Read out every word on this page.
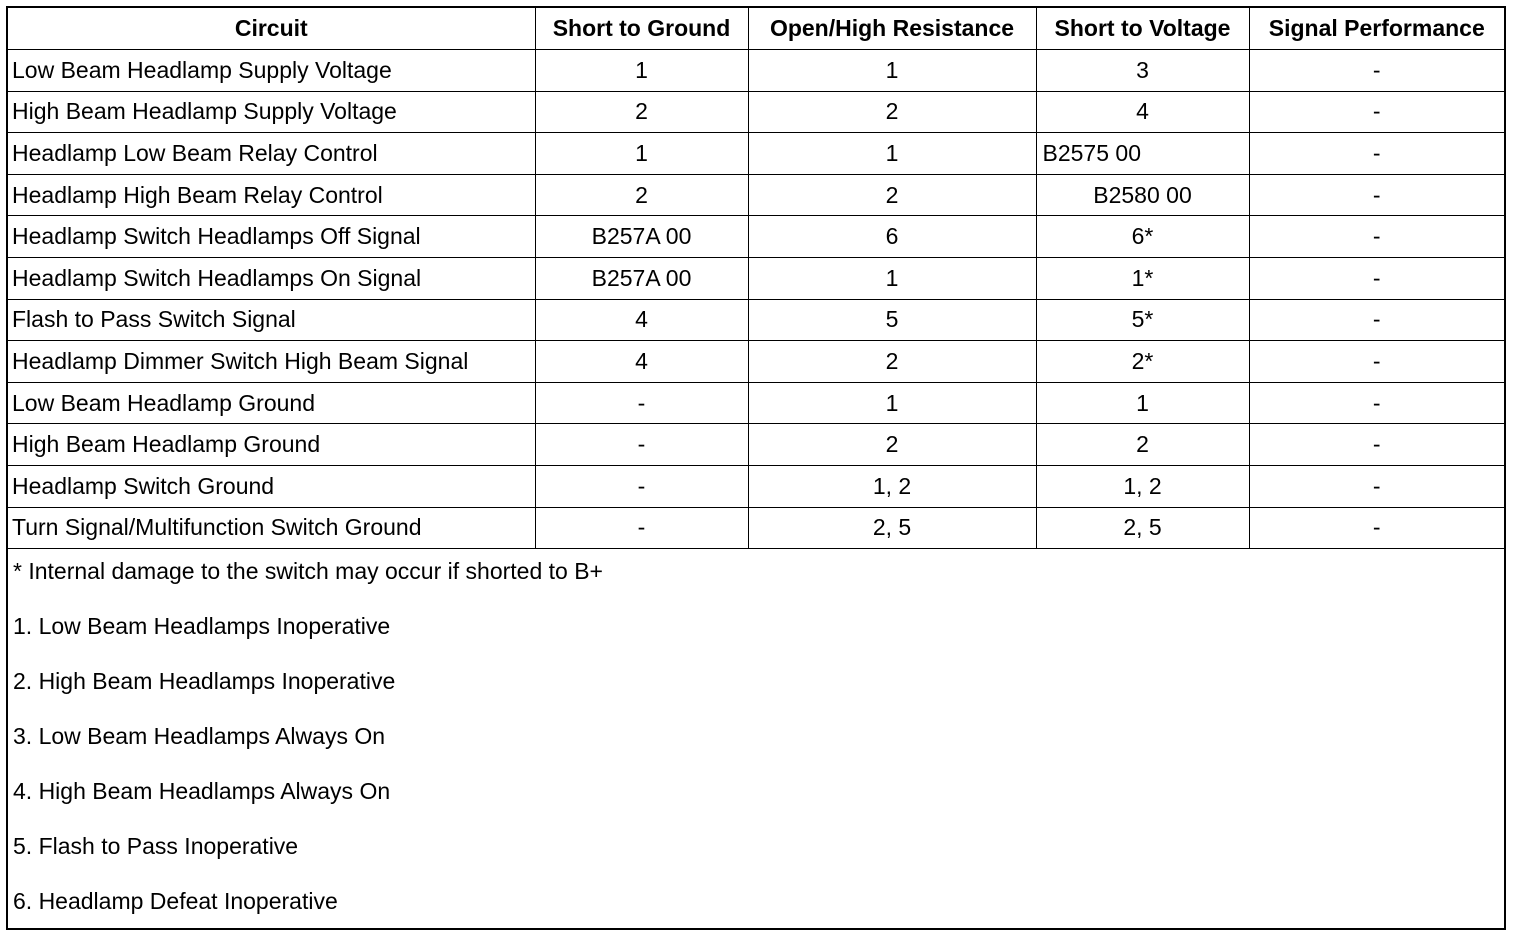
Circuit	Short to Ground	Open/High Resistance	Short to Voltage	Signal Performance
Low Beam Headlamp Supply Voltage	1	1	3	-
High Beam Headlamp Supply Voltage	2	2	4	-
Headlamp Low Beam Relay Control	1	1	B2575 00	-
Headlamp High Beam Relay Control	2	2	B2580 00	-
Headlamp Switch Headlamps Off Signal	B257A 00	6	6*	-
Headlamp Switch Headlamps On Signal	B257A 00	1	1*	-
Flash to Pass Switch Signal	4	5	5*	-
Headlamp Dimmer Switch High Beam Signal	4	2	2*	-
Low Beam Headlamp Ground	-	1	1	-
High Beam Headlamp Ground	-	2	2	-
Headlamp Switch Ground	-	1, 2	1, 2	-
Turn Signal/Multifunction Switch Ground	-	2, 5	2, 5	-
* Internal damage to the switch may occur if shorted to B+
1. Low Beam Headlamps Inoperative
2. High Beam Headlamps Inoperative
3. Low Beam Headlamps Always On
4. High Beam Headlamps Always On
5. Flash to Pass Inoperative
6. Headlamp Defeat Inoperative
